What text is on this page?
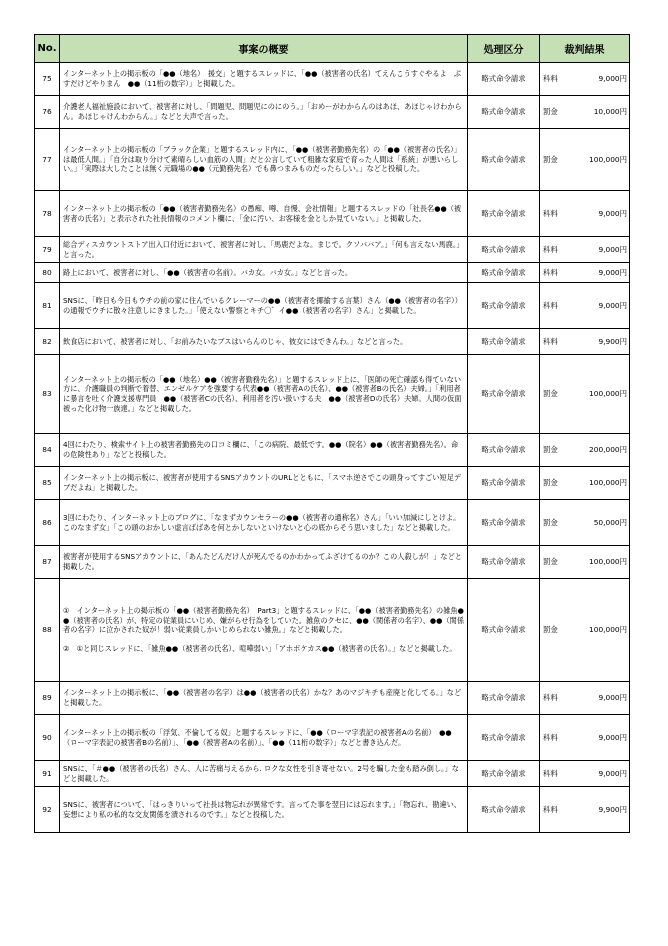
No.	事案の概要	処理区分	裁判結果	
75	インターネット上の掲示板の「●●（地名）　援交」と題するスレッドに、「●●（被害者の氏名）てえんこうすぐやるよ　ぶすだけどやりまん　●●（11桁の数字）」と掲載した。	略式命令請求	科料	9,000円
76	介護老人福祉施設において、被害者に対し、「問題児、問題児にのにのう。」「おめーがわからんのはあほ、あほじゃけわからん。あほじゃけんわからん。」などと大声で言った。	略式命令請求	罰金	10,000円
77	インターネット上の掲示板の「ブラック企業」と題するスレッド内に、「●●（被害者勤務先名）の「●●（被害者の氏名）」は最低人間。」「自分は取り分けて素晴らしい血筋の人間」だと公言していて粗雑な家庭で育った人間は「系統」が悪いらしい。」「実際は大したことは無く元職場の●●（元勤務先名）でも鼻つまみものだったらしい。」などと投稿した。	略式命令請求	罰金	100,000円
78	インターネット上の掲示板の「●●（被害者勤務先名）の愚痴、噂、自慢、会社情報」と題するスレッドの「社長名●●（被害者の氏名）」と表示された社長情報のコメント欄に、「金に汚い、お客様を金としか見ていない。」と掲載した。	略式命令請求	科料	9,000円
79	総合ディスカウントストア出入口付近において、被害者に対し、「馬鹿だよな。まじで。クソババア。」「何も言えない馬鹿。」と言った。	略式命令請求	科料	9,000円
80	路上において、被害者に対し、「●●（被害者の名前）。バカ女。バカ女。」などと言った。	略式命令請求	科料	9,000円
81	SNSに、「昨日も今日もウチの前の家に住んでいるクレーマーの●●（被害者を揶揄する言葉）さん（●●（被害者の名字））の通報でウチに散々注意しにきました。」「使えない警察とキチ〇゛イ●●（被害者の名字）さん」と掲載した。	略式命令請求	科料	9,000円
82	飲食店において、被害者に対し、「お前みたいなブスはいらんのじゃ、彼女にはできんわ。」などと言った。	略式命令請求	科料	9,900円
83	インターネット上の掲示板の「●●（地名）●●（被害者勤務先名）」と題するスレッド上に、「医師の死亡確認も得ていない方に、介護職員の判断で着替、エンゼルケアを強要する代表●●（被害者Aの氏名）、●●（被害者Bの氏名）夫婦。」「利用者に暴言を吐く介護支援専門員　●●（被害者Cの氏名）、利用者を汚い扱いする夫　●●（被害者Dの氏名）夫婦。人間の仮面被った化け物一族達。」などと掲載した。	略式命令請求	罰金	100,000円
84	4回にわたり、検索サイト上の被害者勤務先の口コミ欄に、「この病院、最低です。●●（院名）●●（被害者勤務先名）。命の危険性あり」などと投稿した。	略式命令請求	罰金	200,000円
85	インターネット上の掲示板に、被害者が使用するSNSアカウントのURLとともに、「スマホ逆さでこの頭身ってすごい短足デブだよね」と掲載した。	略式命令請求	罰金	100,000円
86	3回にわたり、インターネット上のブログに、「なまずカウンセラーの●●（被害者の通称名）さん」「いい加減にしとけよ。このなまず女」「この頭のおかしい虚言ばばあを何とかしないといけないと心の底からそう思いました」などと掲載した。	略式命令請求	罰金	50,000円
87	被害者が使用するSNSアカウントに、「あんたどんだけ人が死んでるのかわかってふざけてるのか？この人殺しが！」などと掲載した。	略式命令請求	罰金	100,000円
88	①　インターネット上の掲示板の「●●（被害者勤務先名）　Part3」と題するスレッドに、「●●（被害者勤務先名）の雑魚●●（被害者の氏名）が、特定の従業員にいじめ、嫌がらせ行為をしていた。雑魚のクセに、●●（関係者の名字）、●●（関係者の名字）に泣かされた奴が！弱い従業員しかいじめられない雑魚。」などと掲載した。

②　①と同じスレッドに、「雑魚●●（被害者の氏名）、喧嘩弱い」「アホボケカス●●（被害者の氏名）。」などと掲載した。	略式命令請求	罰金	100,000円
89	インターネット上の掲示板に、「●●（被害者の名字）は●●（被害者の氏名）かな？あのマジキチも産廃と化してる。」などと掲載した。	略式命令請求	科料	9,000円
90	インターネット上の掲示板の「浮気、不倫してる奴」と題するスレッドに、「●●（ローマ字表記の被害者Aの名前）　●●（ローマ字表記の被害者Bの名前）」、「●●（被害者Aの名前）」、「●●（11桁の数字）」などと書き込んだ。	略式命令請求	科料	9,000円
91	SNSに、「＃●●（被害者の氏名）さん、人に苦痛与えるから. ロクな女性を引き寄せない。2号を騙した金も踏み倒し。」などと掲載した。	略式命令請求	科料	9,000円
92	SNSに、被害者について、「はっきりいって社長は物忘れが異常です。言ってた事を翌日には忘れます。」「物忘れ、勘違い、妄想により私の私的な交友関係を潰されるのです。」などと投稿した。	略式命令請求	科料	9,900円
